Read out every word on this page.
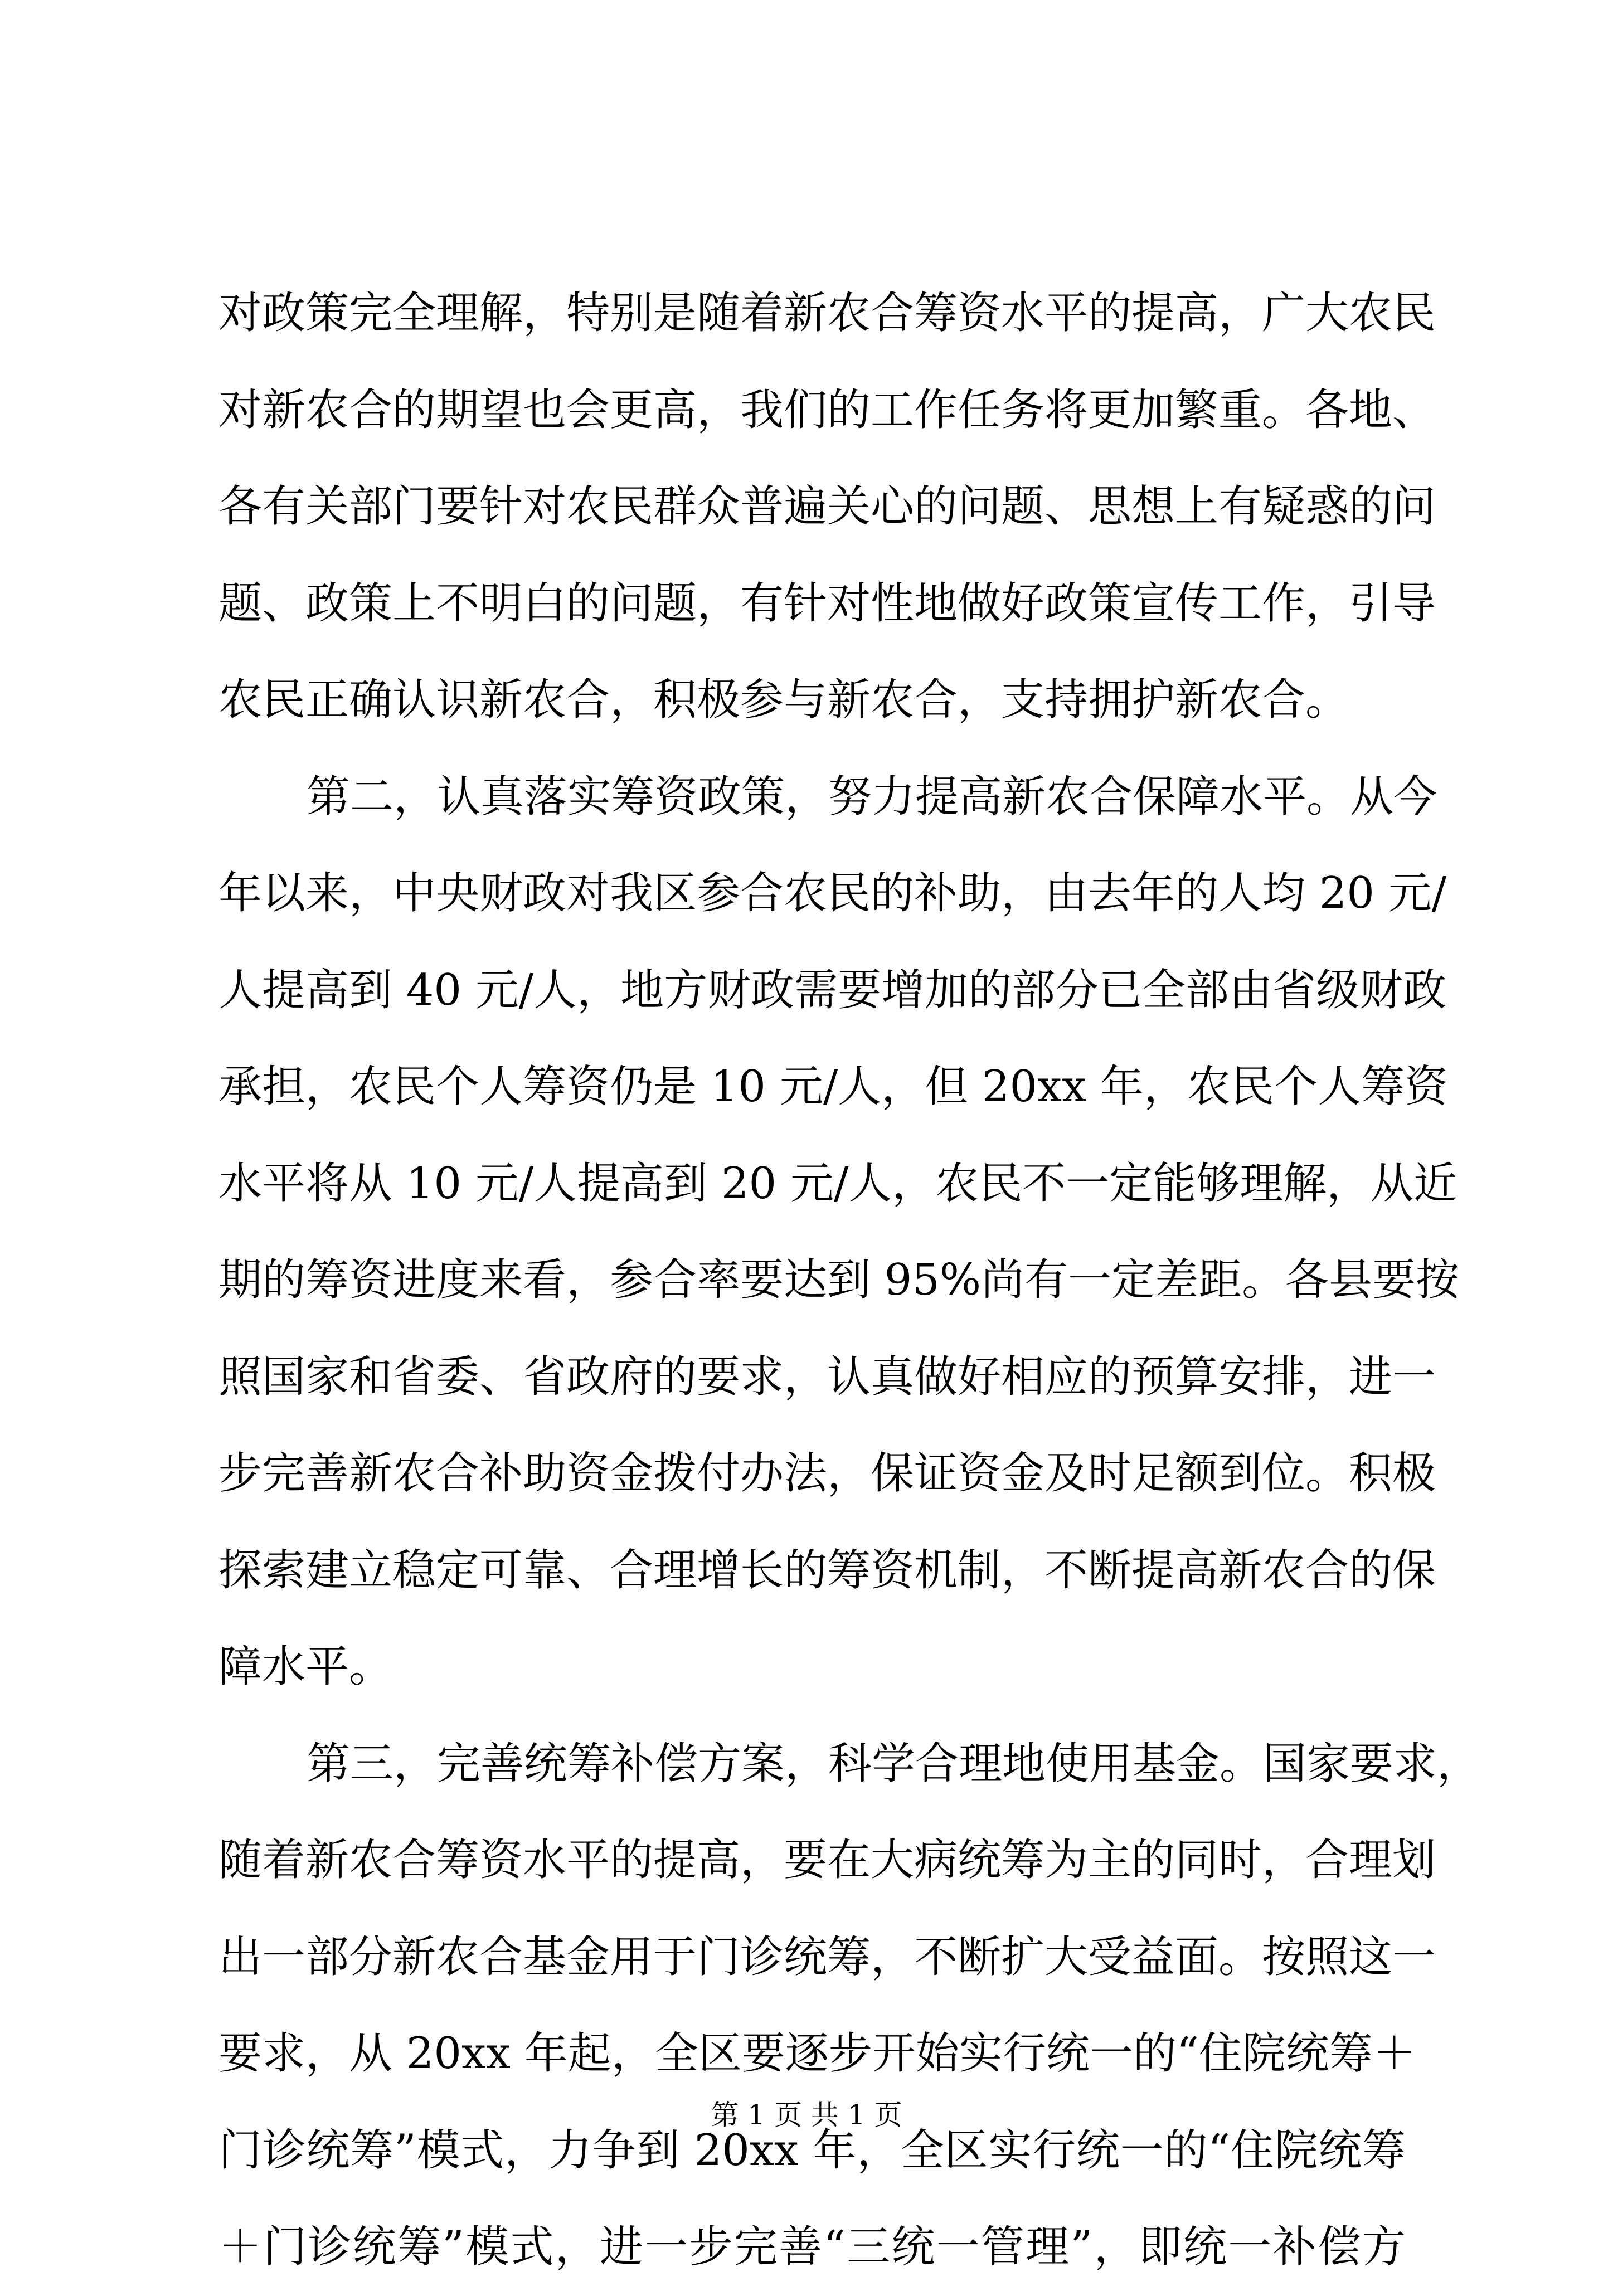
对政策完全理解，特别是随着新农合筹资水平的提高，广大农民
对新农合的期望也会更高，我们的工作任务将更加繁重。各地、
各有关部门要针对农民群众普遍关心的问题、思想上有疑惑的问
题、政策上不明白的问题，有针对性地做好政策宣传工作，引导
农民正确认识新农合，积极参与新农合，支持拥护新农合。
第二，认真落实筹资政策，努力提高新农合保障水平。从今
年以来，中央财政对我区参合农民的补助，由去年的人均 20 元/
人提高到 40 元/人，地方财政需要增加的部分已全部由省级财政
承担，农民个人筹资仍是 10 元/人，但 20xx 年，农民个人筹资
水平将从 10 元/人提高到 20 元/人，农民不一定能够理解，从近
期的筹资进度来看，参合率要达到 95%尚有一定差距。各县要按
照国家和省委、省政府的要求，认真做好相应的预算安排，进一
步完善新农合补助资金拨付办法，保证资金及时足额到位。积极
探索建立稳定可靠、合理增长的筹资机制，不断提高新农合的保
障水平。
第三，完善统筹补偿方案，科学合理地使用基金。国家要求，
随着新农合筹资水平的提高，要在大病统筹为主的同时，合理划
出一部分新农合基金用于门诊统筹，不断扩大受益面。按照这一
要求，从 20xx 年起，全区要逐步开始实行统一的“住院统筹＋
门诊统筹”模式，力争到 20xx 年，全区实行统一的“住院统筹
＋门诊统筹”模式，进一步完善“三统一管理”，即统一补偿方
第 1 页 共 1 页
